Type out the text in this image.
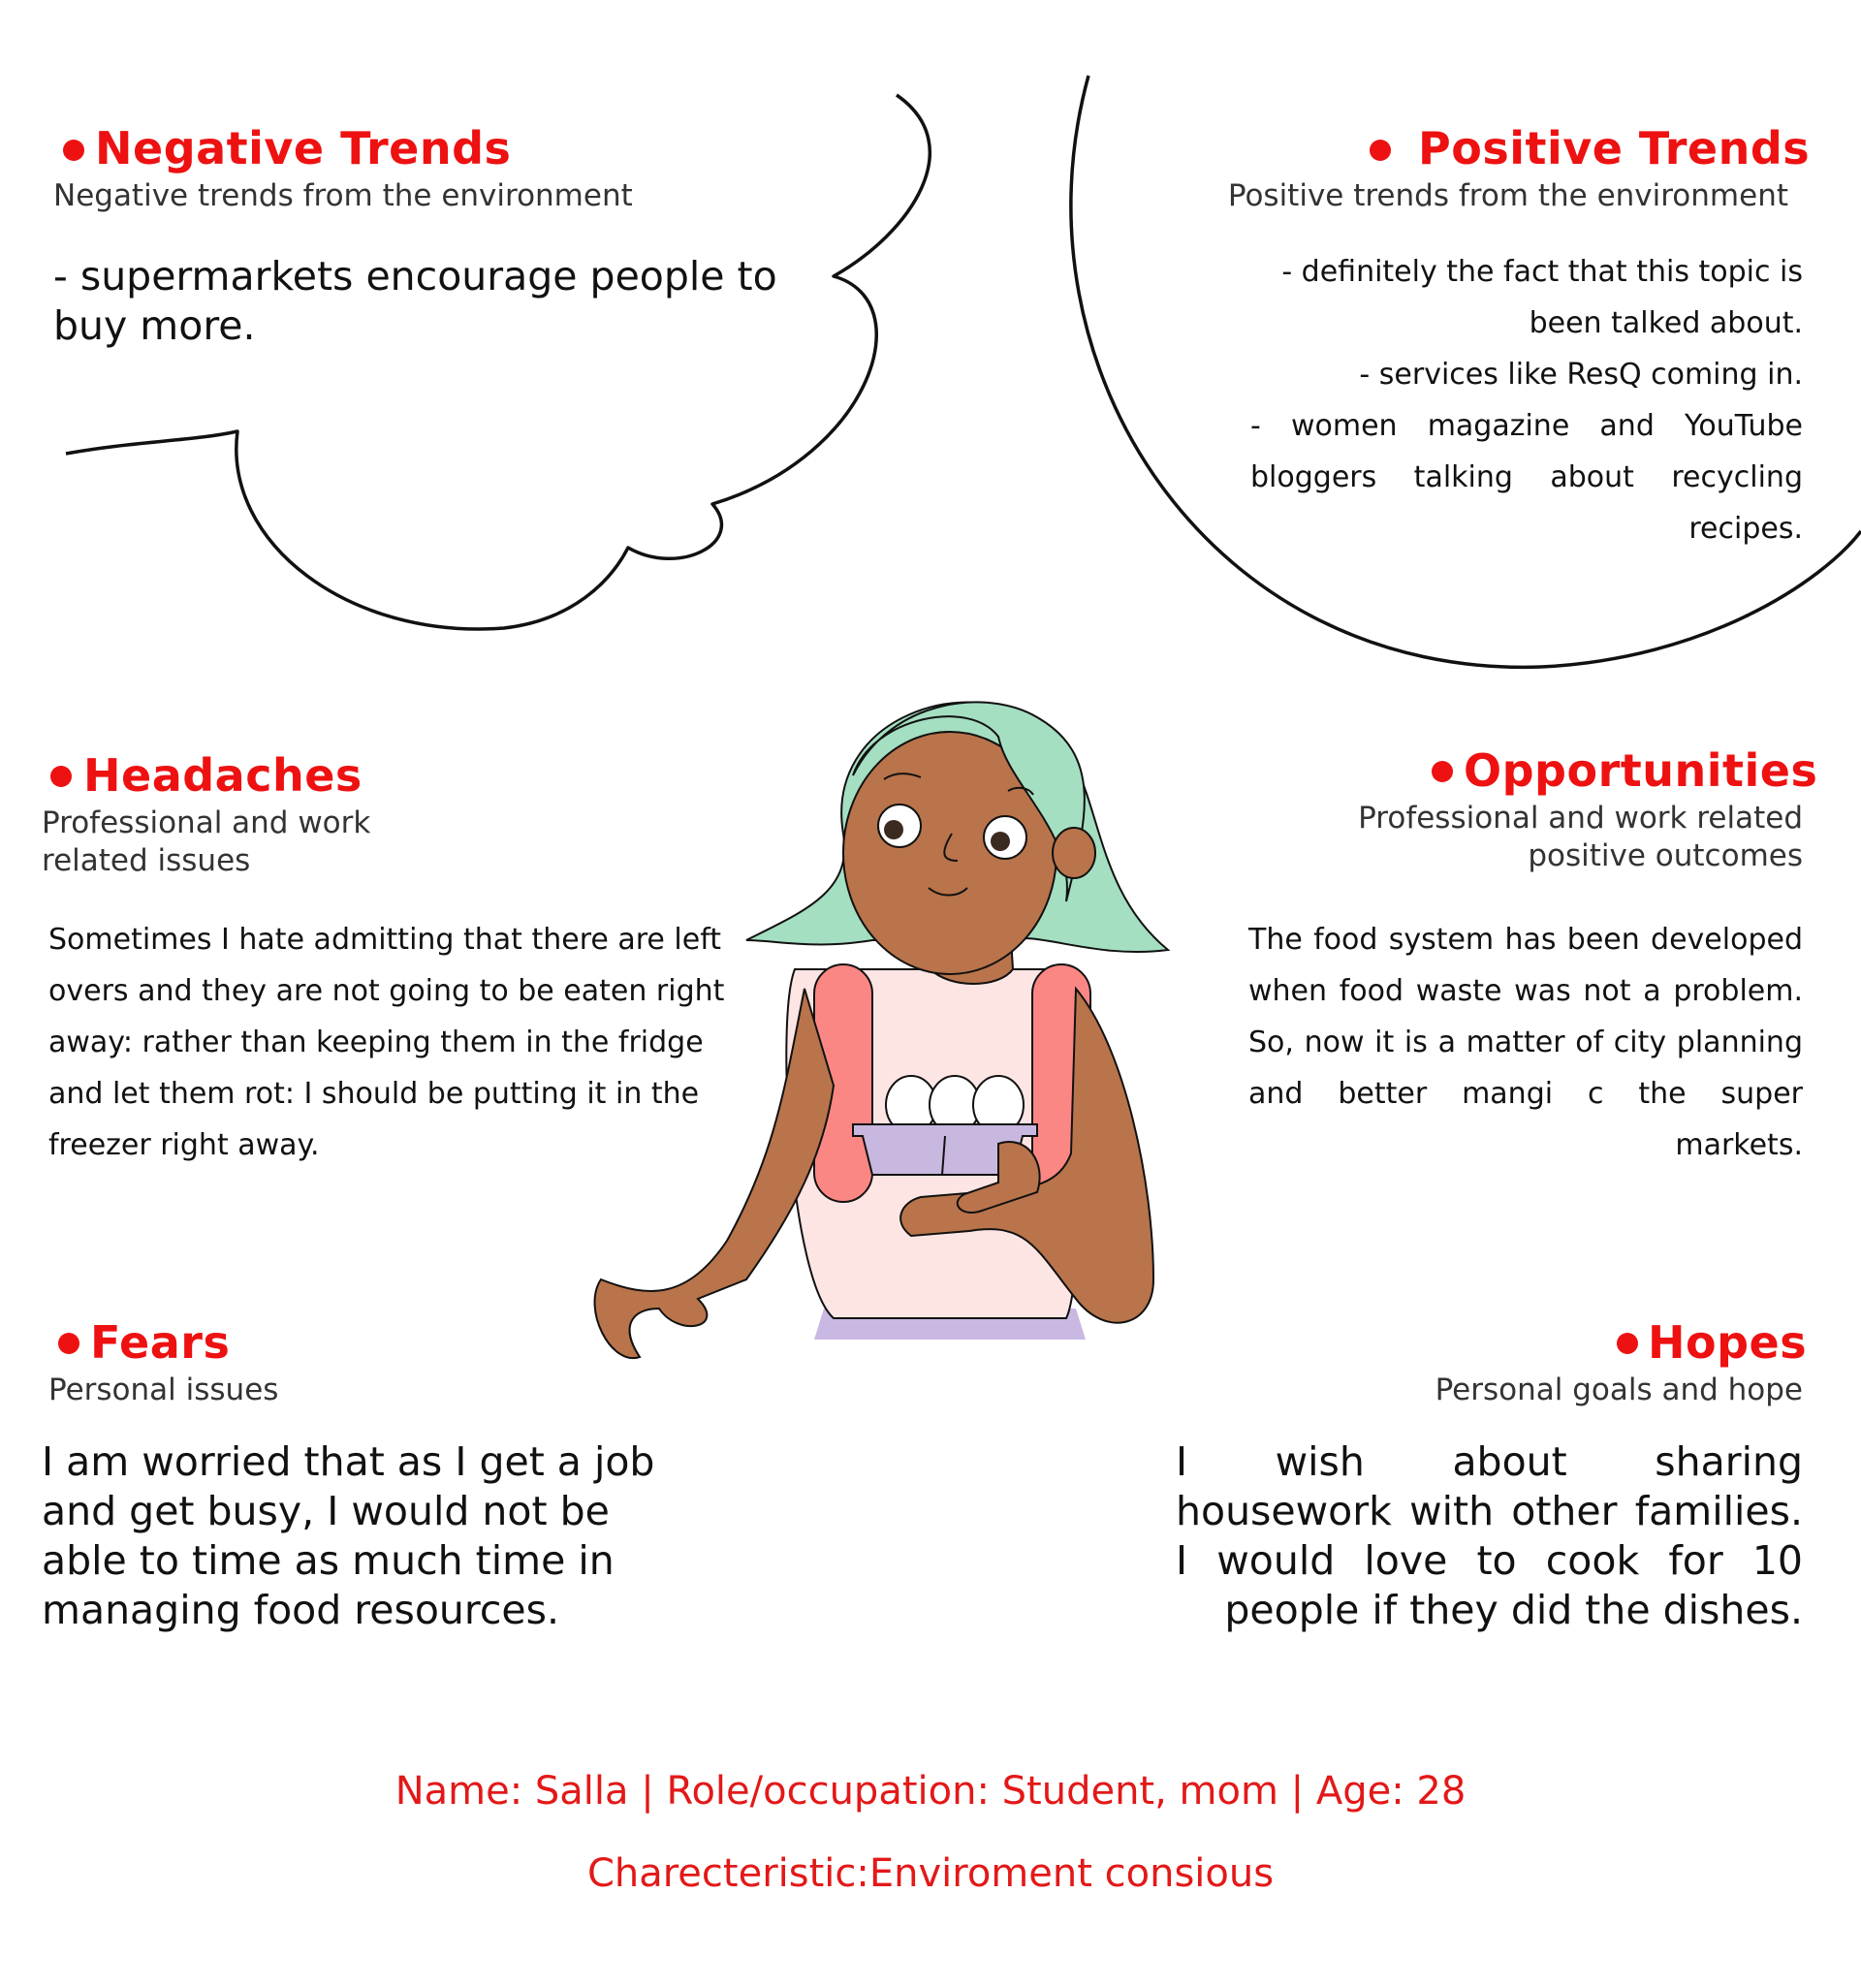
Negative Trends
Negative trends from the environment
- supermarkets encourage people to buy more.
Positive Trends
Positive trends from the environment
- definitely the fact that this topic is been talked about.
- services like ResQ coming in.
- women magazine and YouTube bloggers talking about recycling recipes.
Headaches
Professional and work
related issues
Sometimes I hate admitting that there are left overs and they are not going to be eaten right away: rather than keeping them in the fridge and let them rot: I should be putting it in the freezer right away.
Opportunities
Professional and work related
positive outcomes
The food system has been developed when food waste was not a problem. So, now it is a matter of city planning and better mangi c the super markets.
Fears
Personal issues
I am worried that as I get a job and get busy, I would not be able to time as much time in managing food resources.
Hopes
Personal goals and hope
I wish about sharing housework with other families. I would love to cook for 10 people if they did the dishes.
Name: Salla | Role/occupation: Student, mom | Age: 28
Charecteristic:Enviroment consious
